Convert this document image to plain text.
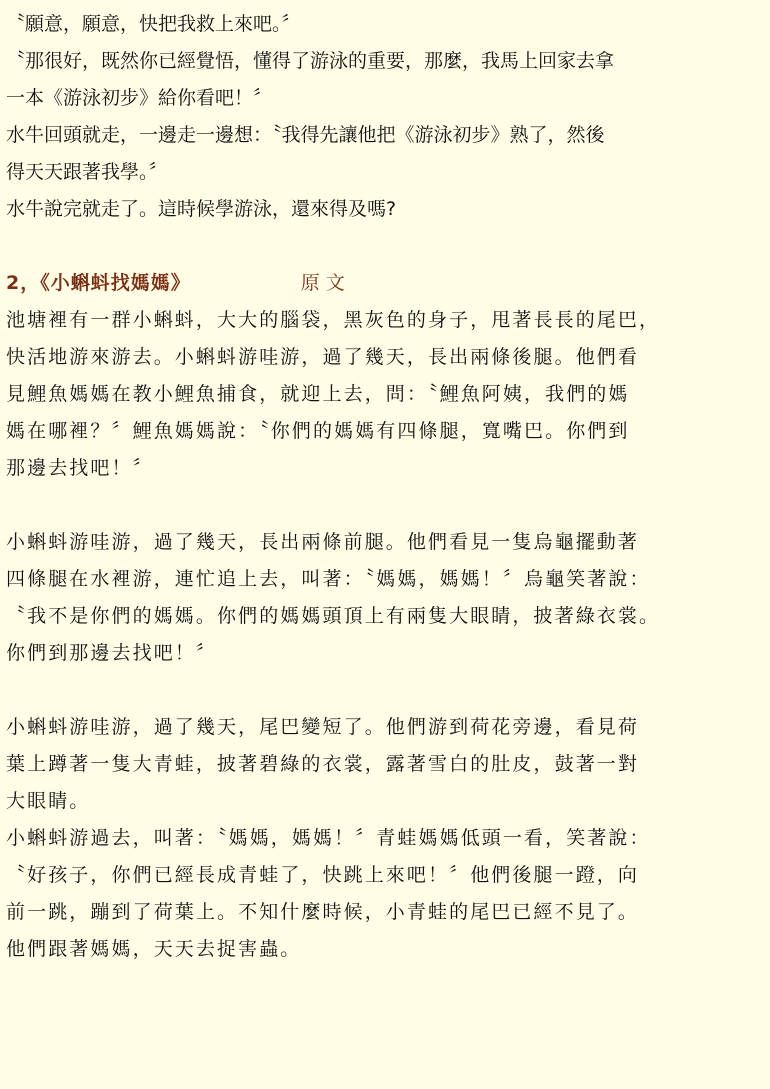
〝願意，願意，快把我救上來吧。〞
〝那很好，既然你已經覺悟，懂得了游泳的重要，那麼，我馬上回家去拿
一本《游泳初步》給你看吧！〞
水牛回頭就走，一邊走一邊想：〝我得先讓他把《游泳初步》熟了，然後
得天天跟著我學。〞
水牛說完就走了。這時候學游泳，還來得及嗎?
2，《小蝌蚪找媽媽》	原文
池塘裡有一群小蝌蚪，大大的腦袋，黑灰色的身子，甩著長長的尾巴，
快活地游來游去。小蝌蚪游哇游，過了幾天，長出兩條後腿。他們看
見鯉魚媽媽在教小鯉魚捕食，就迎上去，問：〝鯉魚阿姨，我們的媽
媽在哪裡？〞鯉魚媽媽說：〝你們的媽媽有四條腿，寬嘴巴。你們到
那邊去找吧！〞
小蝌蚪游哇游，過了幾天，長出兩條前腿。他們看見一隻烏龜擺動著
四條腿在水裡游，連忙追上去，叫著：〝媽媽，媽媽！〞烏龜笑著說：
〝我不是你們的媽媽。你們的媽媽頭頂上有兩隻大眼睛，披著綠衣裳。
你們到那邊去找吧！〞
小蝌蚪游哇游，過了幾天，尾巴變短了。他們游到荷花旁邊，看見荷
葉上蹲著一隻大青蛙，披著碧綠的衣裳，露著雪白的肚皮，鼓著一對
大眼睛。
小蝌蚪游過去，叫著：〝媽媽，媽媽！〞青蛙媽媽低頭一看，笑著說：
〝好孩子，你們已經長成青蛙了，快跳上來吧！〞他們後腿一蹬，向
前一跳，蹦到了荷葉上。不知什麼時候，小青蛙的尾巴已經不見了。
他們跟著媽媽，天天去捉害蟲。
